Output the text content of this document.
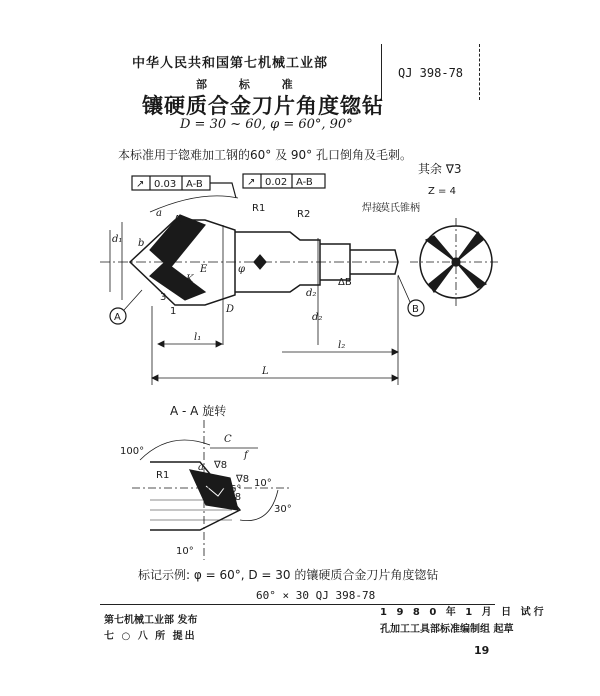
中华人民共和国第七机械工业部
QJ 398-78
部 标 准
镶硬质合金刀片角度锪钻
D = 30 ~ 60, φ = 60°, 90°
本标准用于锪难加工钢的60° 及 90° 孔口倒角及毛刺。
其余 ∇3
↗ 0.03 A-B	↗ 0.02 A-B
R1
R2
焊接
莫氏锥柄
Z = 4
A
B
d₁
d₂
D
φ
l₁
l₂
L
a
A
E
3
b
1
K	ΔB
d₂
100°
C
f
R1
∇8
∇8
∇8
10°
6°
30°
10°
a
A - A 旋转
标记示例: φ = 60°, D = 30 的镶硬质合金刀片角度锪钻
60° × 30 QJ 398-78
第七机械工业部 发布
七 ○ 八 所 提出
1 9 8 0 年 1 月 日 试行
孔加工工具部标准编制组 起草
19
